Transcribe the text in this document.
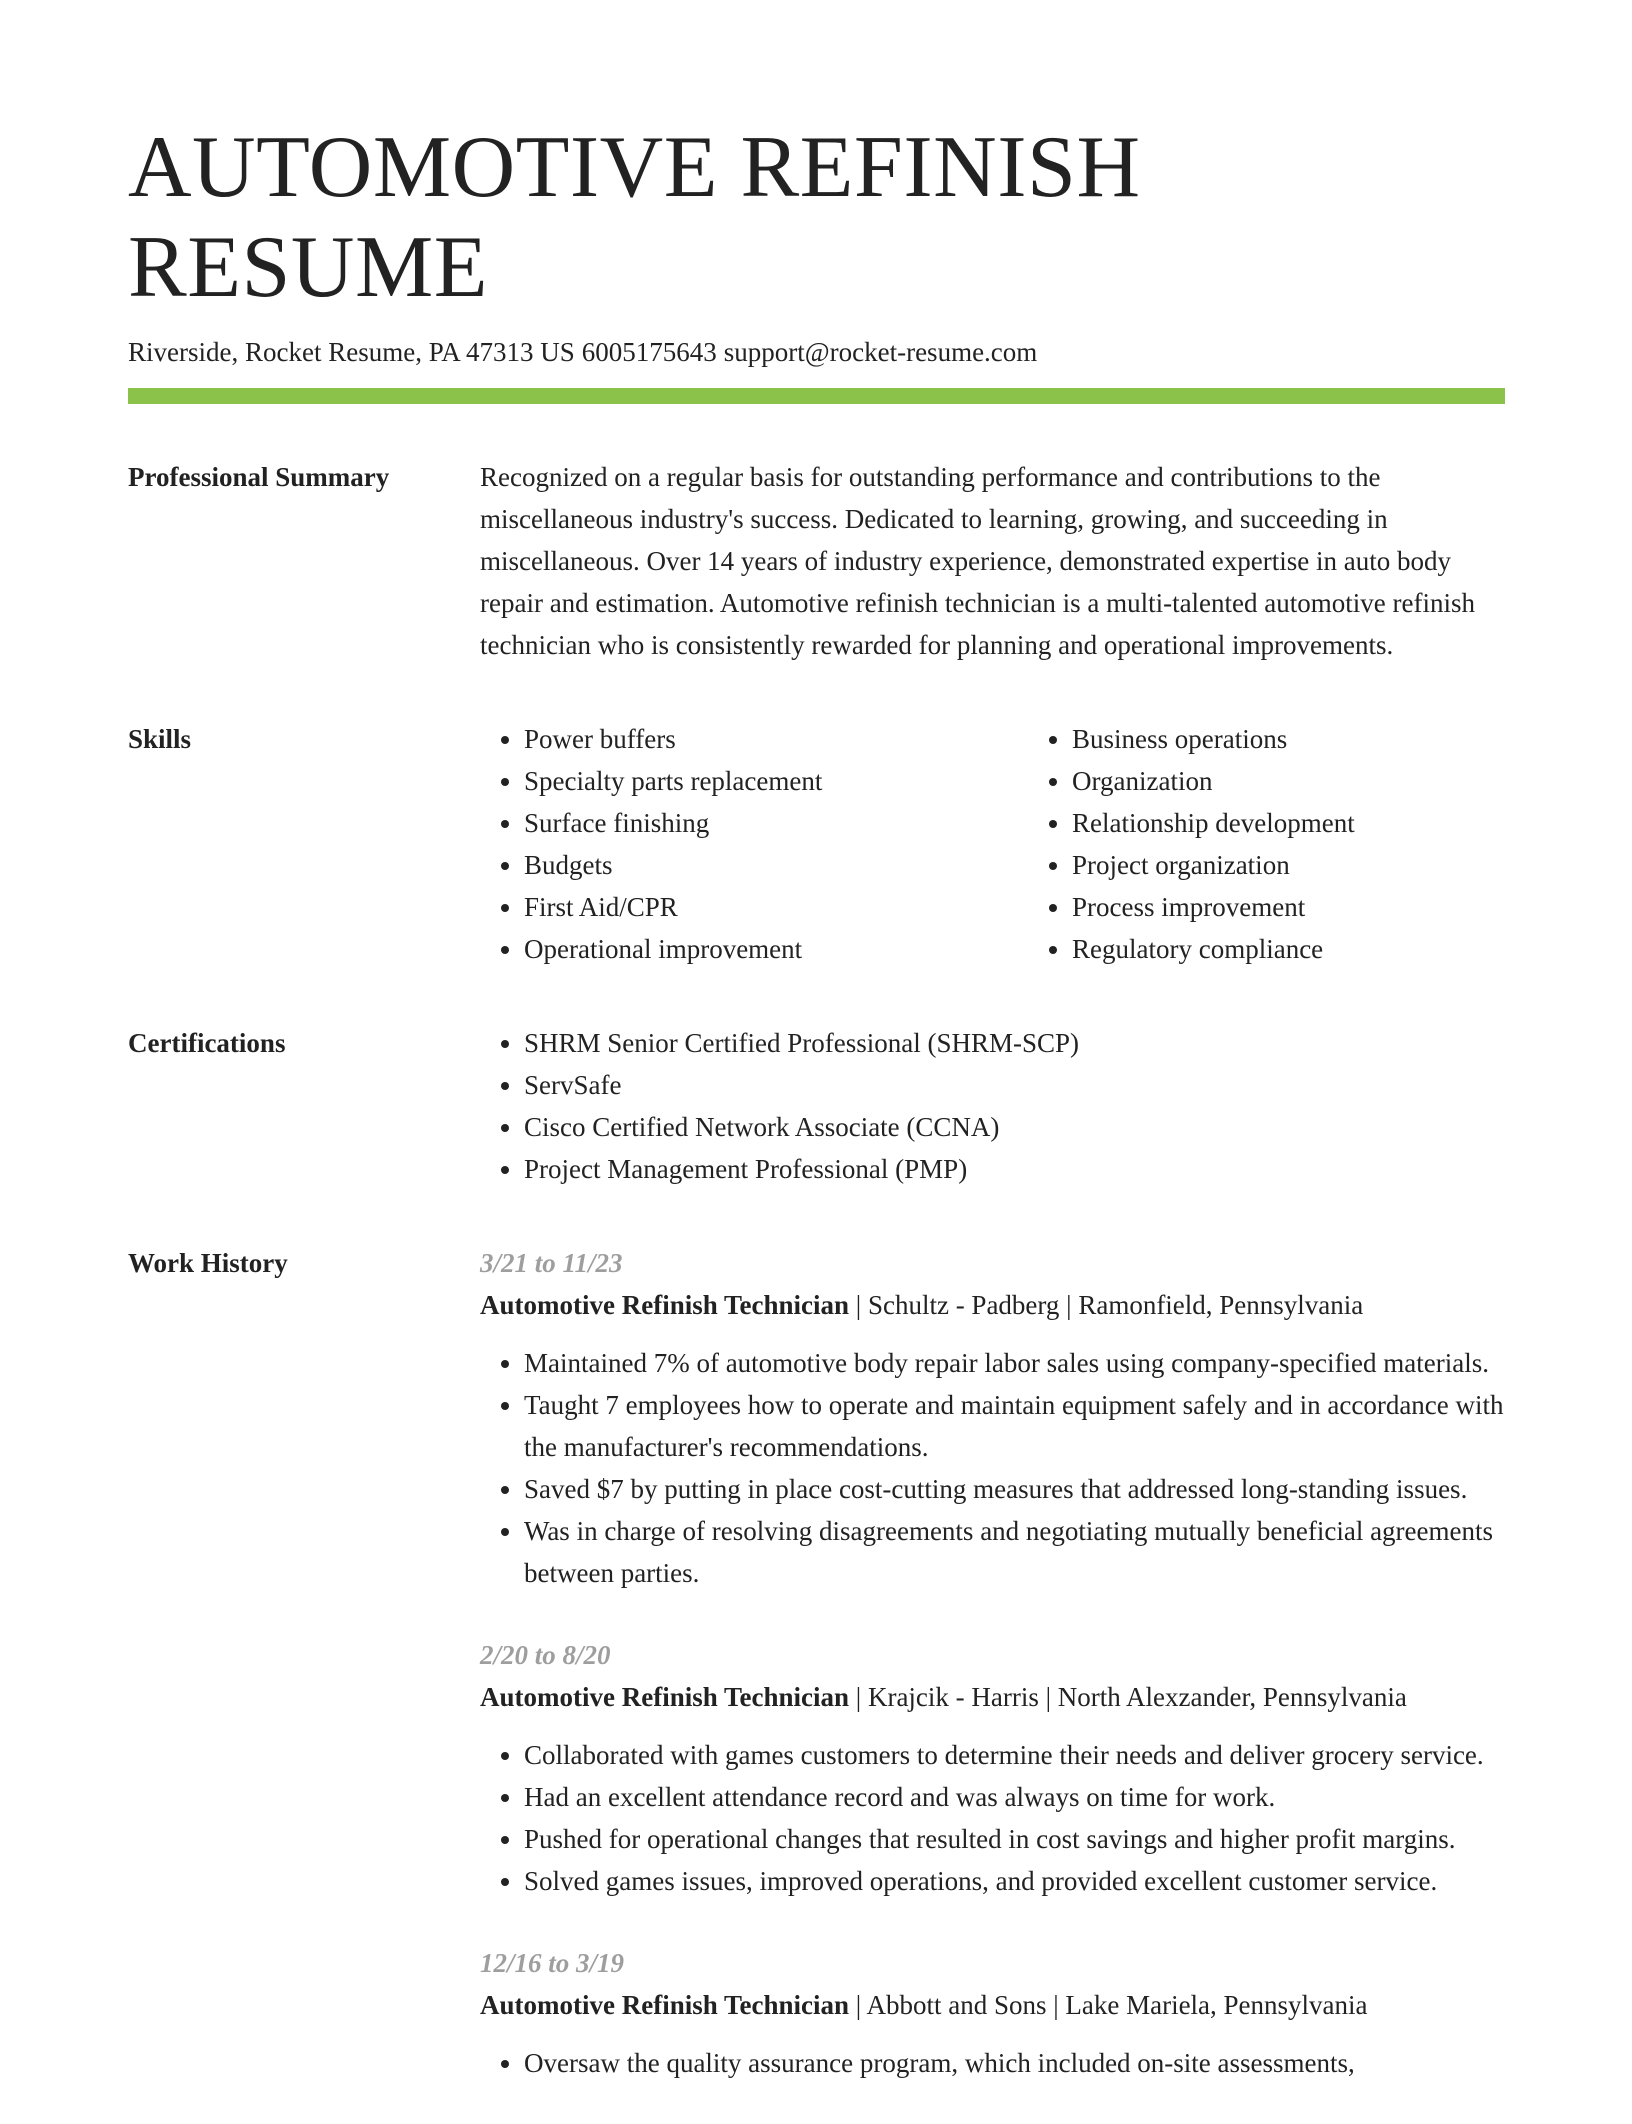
AUTOMOTIVE REFINISH RESUME
Riverside, Rocket Resume, PA 47313 US 6005175643 support@rocket-resume.com
Professional Summary	Recognized on a regular basis for outstanding performance and contributions to the miscellaneous industry's success. Dedicated to learning, growing, and succeeding in miscellaneous. Over 14 years of industry experience, demonstrated expertise in auto body repair and estimation. Automotive refinish technician is a multi-talented automotive refinish technician who is consistently rewarded for planning and operational improvements.

Skills	• Power buffers
• Specialty parts replacement
• Surface finishing
• Budgets
• First Aid/CPR
• Operational improvement
• Business operations
• Organization
• Relationship development
• Project organization
• Process improvement
• Regulatory compliance
Certifications	• SHRM Senior Certified Professional (SHRM-SCP)
• ServSafe
• Cisco Certified Network Associate (CCNA)
• Project Management Professional (PMP)
Work History	3/21 to 11/23
Automotive Refinish Technician | Schultz - Padberg | Ramonfield, Pennsylvania
• Maintained 7% of automotive body repair labor sales using company-specified materials.
• Taught 7 employees how to operate and maintain equipment safely and in accordance with the manufacturer's recommendations.
• Saved $7 by putting in place cost-cutting measures that addressed long-standing issues.
• Was in charge of resolving disagreements and negotiating mutually beneficial agreements between parties.
2/20 to 8/20
Automotive Refinish Technician | Krajcik - Harris | North Alexzander, Pennsylvania
• Collaborated with games customers to determine their needs and deliver grocery service.
• Had an excellent attendance record and was always on time for work.
• Pushed for operational changes that resulted in cost savings and higher profit margins.
• Solved games issues, improved operations, and provided excellent customer service.
12/16 to 3/19
Automotive Refinish Technician | Abbott and Sons | Lake Mariela, Pennsylvania
• Oversaw the quality assurance program, which included on-site assessments,
